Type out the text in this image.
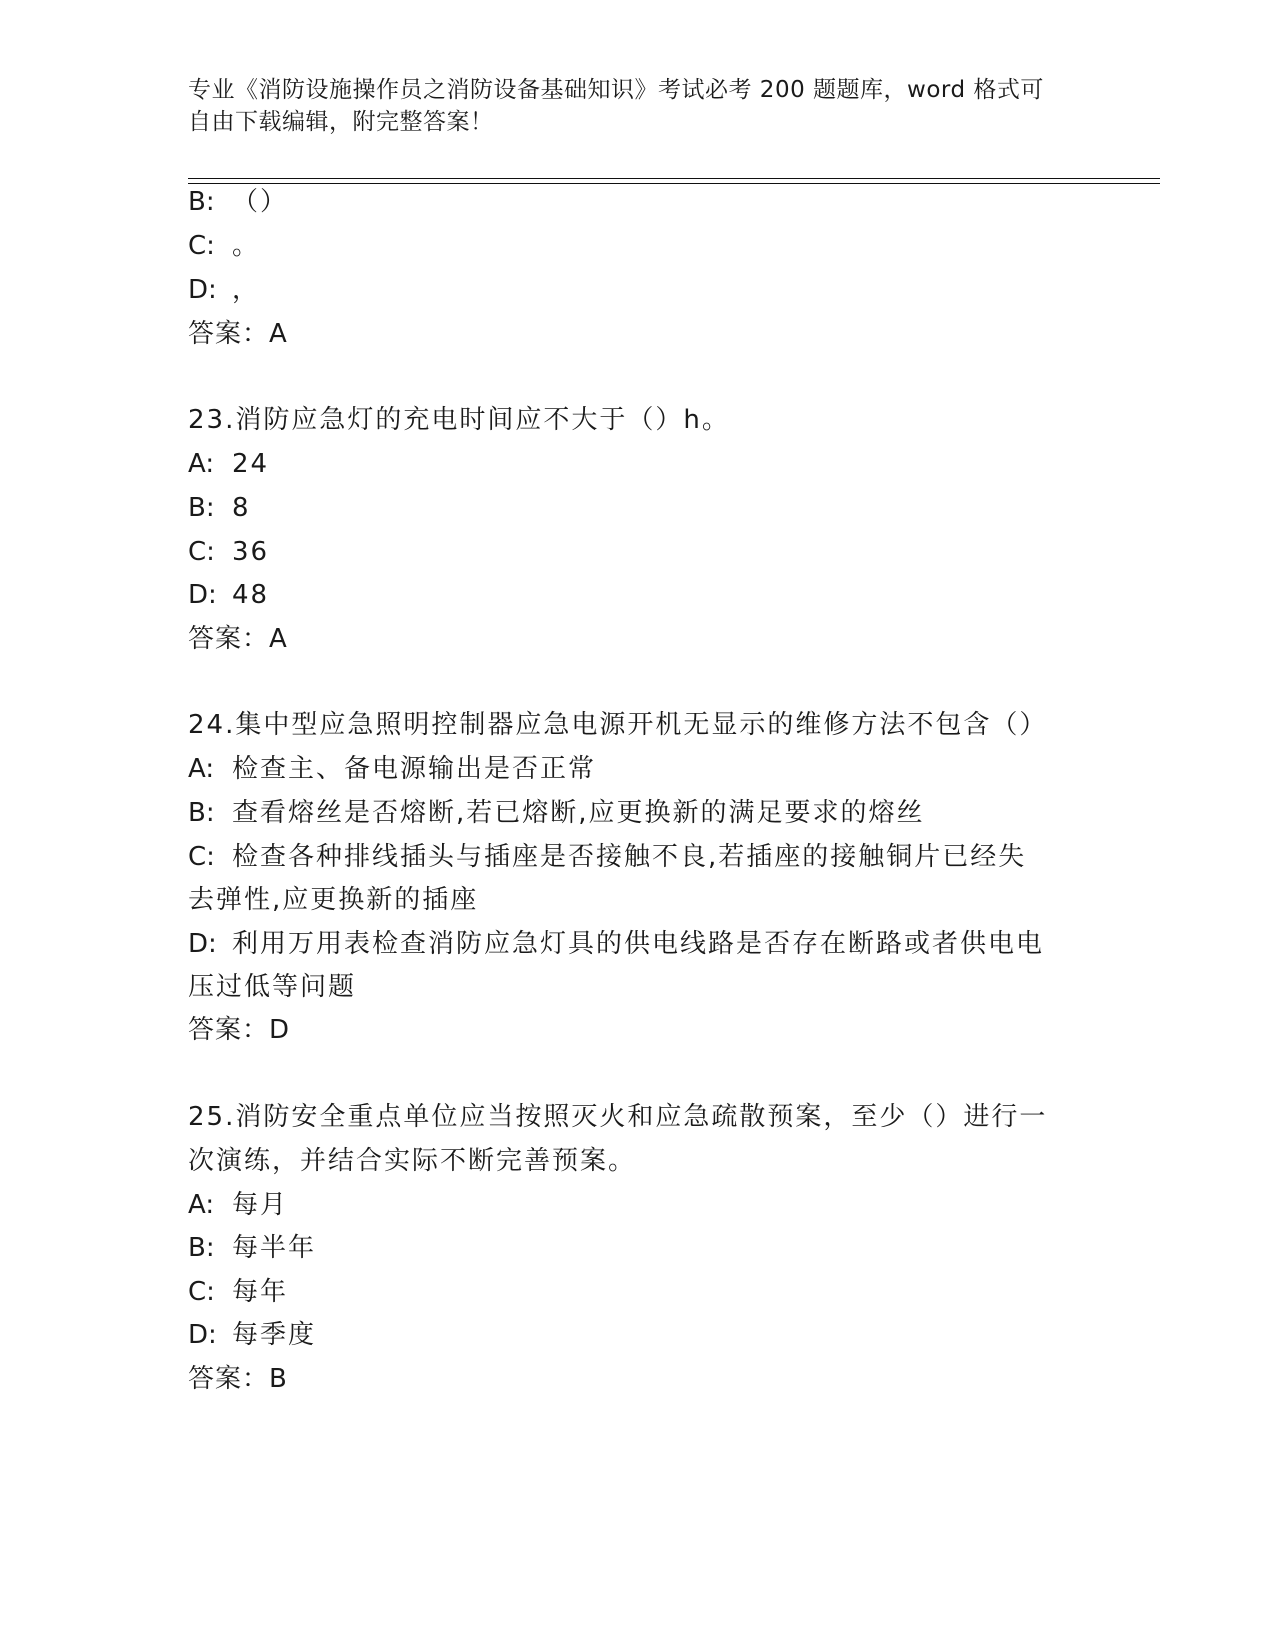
专业《消防设施操作员之消防设备基础知识》考试必考 200 题题库，word 格式可
自由下载编辑，附完整答案！
B: （）
C: 。
D: ，
答案：A
23.消防应急灯的充电时间应不大于（）h。
A: 24
B: 8
C: 36
D: 48
答案：A
24.集中型应急照明控制器应急电源开机无显示的维修方法不包含（）
A: 检查主、备电源输出是否正常
B: 查看熔丝是否熔断,若已熔断,应更换新的满足要求的熔丝
C: 检查各种排线插头与插座是否接触不良,若插座的接触铜片已经失
去弹性,应更换新的插座
D: 利用万用表检查消防应急灯具的供电线路是否存在断路或者供电电
压过低等问题
答案：D
25.消防安全重点单位应当按照灭火和应急疏散预案，至少（）进行一
次演练，并结合实际不断完善预案。
A: 每月
B: 每半年
C: 每年
D: 每季度
答案：B
